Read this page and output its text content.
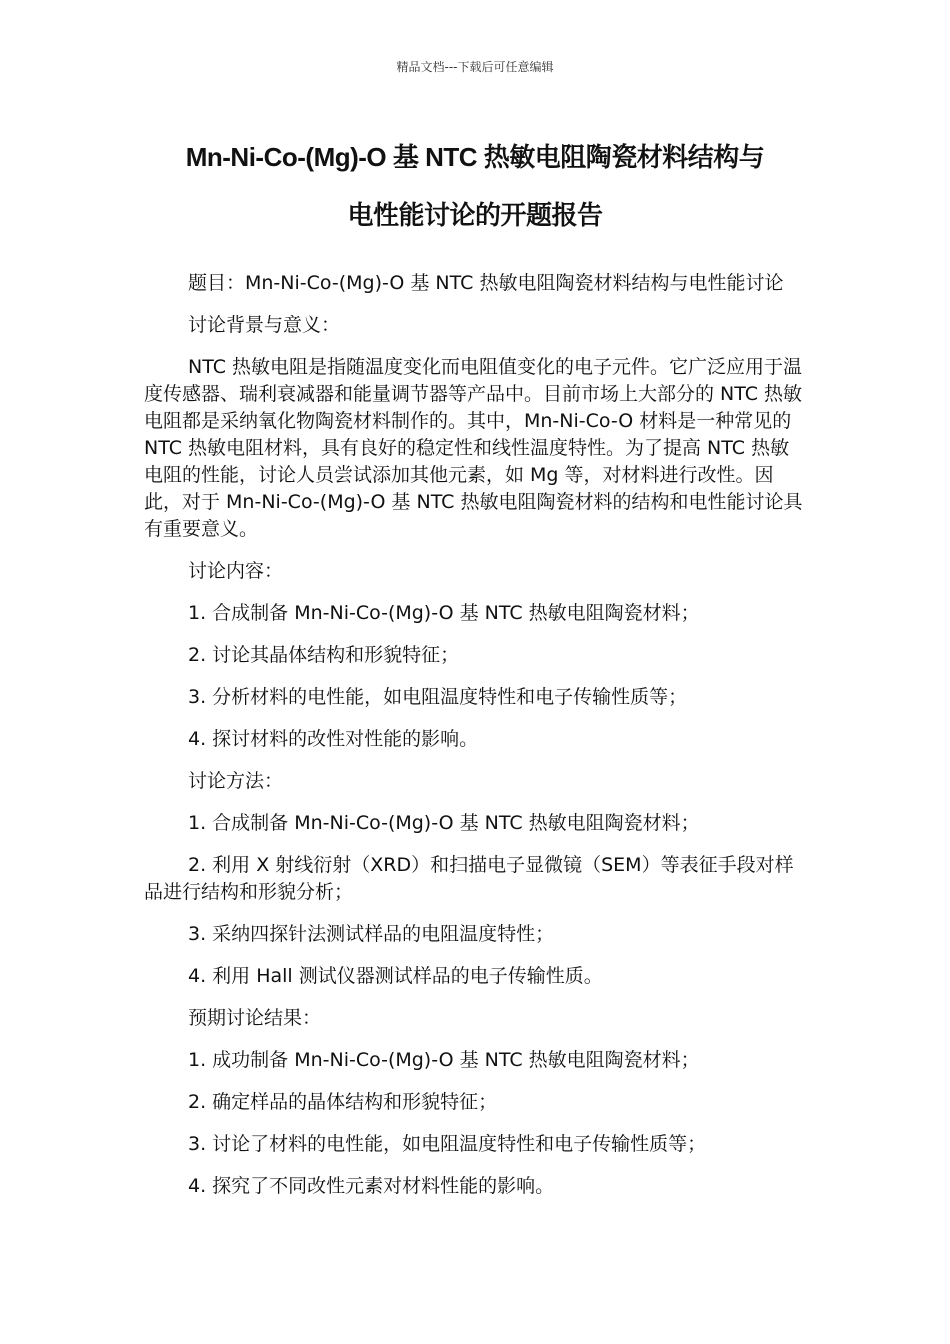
精品文档---下载后可任意编辑
Mn-Ni-Co-(Mg)-O 基 NTC 热敏电阻陶瓷材料结构与
电性能讨论的开题报告

题目：Mn-Ni-Co-(Mg)-O 基 NTC 热敏电阻陶瓷材料结构与电性能讨论

讨论背景与意义：

NTC 热敏电阻是指随温度变化而电阻值变化的电子元件。它广泛应用于温度传感器、瑞利衰减器和能量调节器等产品中。目前市场上大部分的 NTC 热敏电阻都是采纳氧化物陶瓷材料制作的。其中，Mn-Ni-Co-O 材料是一种常见的 NTC 热敏电阻材料，具有良好的稳定性和线性温度特性。为了提高 NTC 热敏电阻的性能，讨论人员尝试添加其他元素，如 Mg 等，对材料进行改性。因此，对于 Mn-Ni-Co-(Mg)-O 基 NTC 热敏电阻陶瓷材料的结构和电性能讨论具有重要意义。

讨论内容：

1. 合成制备 Mn-Ni-Co-(Mg)-O 基 NTC 热敏电阻陶瓷材料；

2. 讨论其晶体结构和形貌特征；

3. 分析材料的电性能，如电阻温度特性和电子传输性质等；

4. 探讨材料的改性对性能的影响。

讨论方法：

1. 合成制备 Mn-Ni-Co-(Mg)-O 基 NTC 热敏电阻陶瓷材料；

2. 利用 X 射线衍射（XRD）和扫描电子显微镜（SEM）等表征手段对样品进行结构和形貌分析；

3. 采纳四探针法测试样品的电阻温度特性；

4. 利用 Hall 测试仪器测试样品的电子传输性质。

预期讨论结果：

1. 成功制备 Mn-Ni-Co-(Mg)-O 基 NTC 热敏电阻陶瓷材料；

2. 确定样品的晶体结构和形貌特征；

3. 讨论了材料的电性能，如电阻温度特性和电子传输性质等；

4. 探究了不同改性元素对材料性能的影响。
